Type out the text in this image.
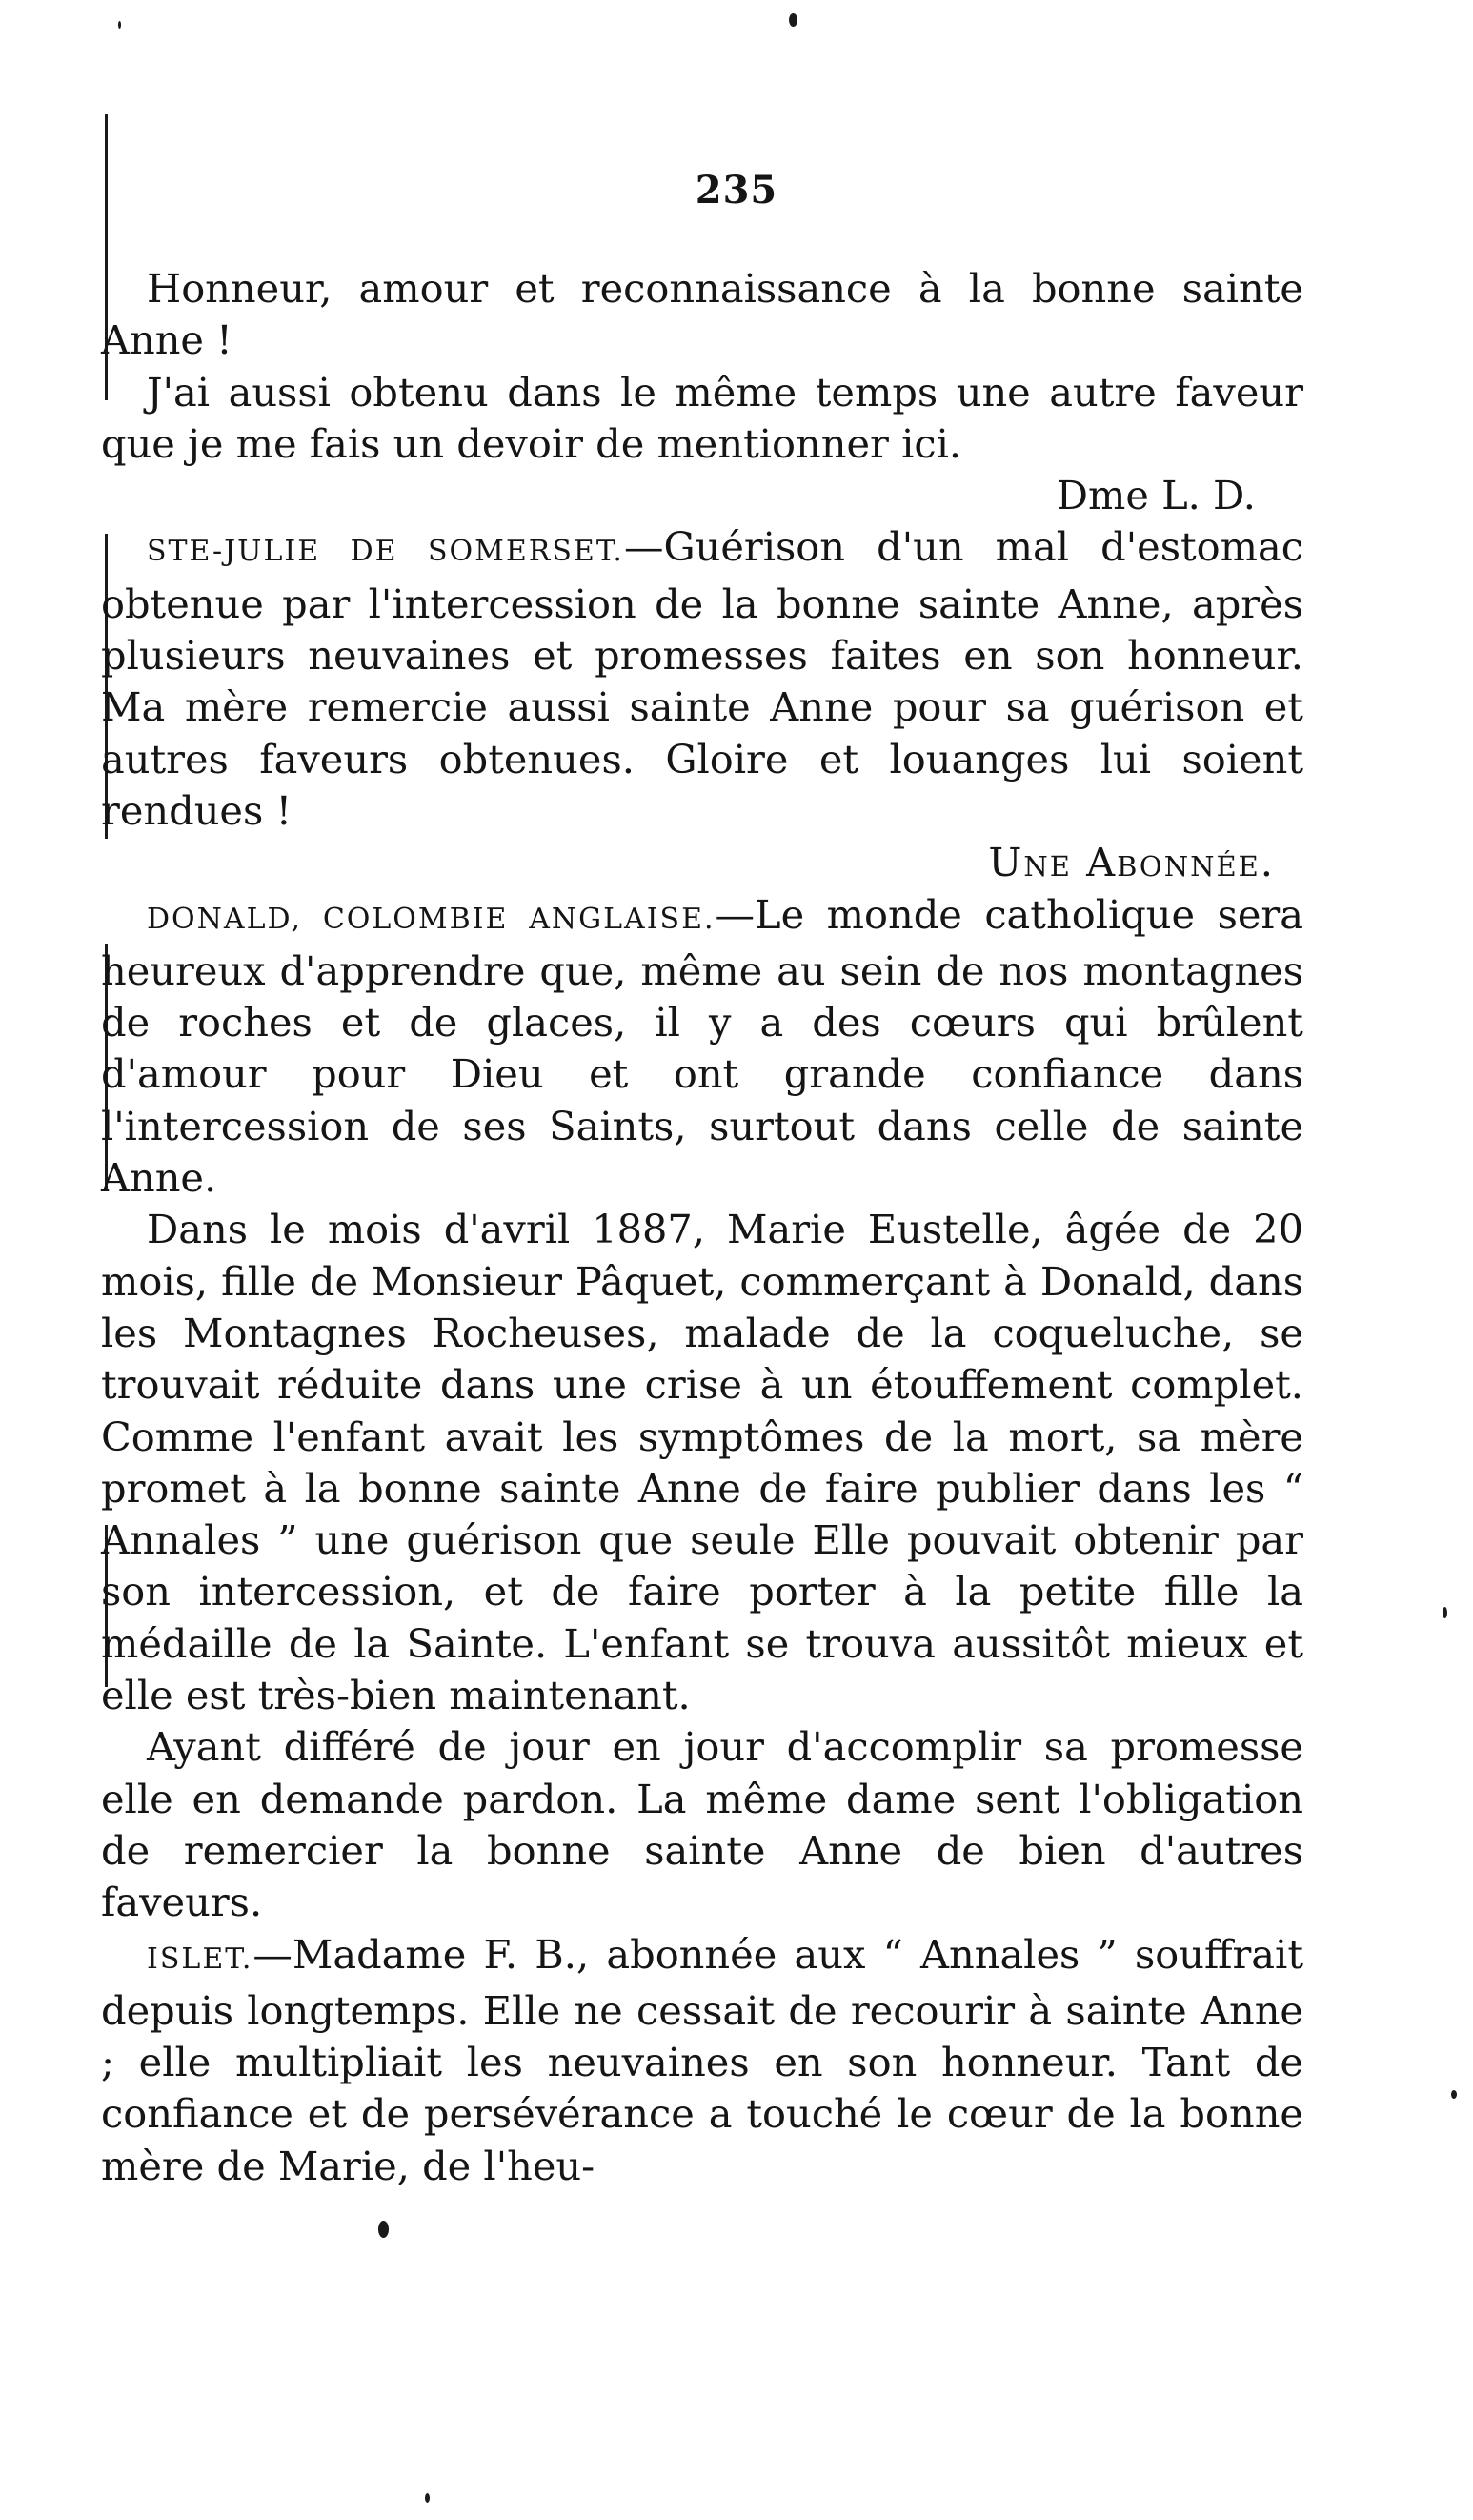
235

Honneur, amour et reconnaissance à la bonne sainte Anne !

J'ai aussi obtenu dans le même temps une autre faveur que je me fais un devoir de mentionner ici.

Dme L. D.

STE-JULIE DE SOMERSET.—Guérison d'un mal d'estomac obtenue par l'intercession de la bonne sainte Anne, après plusieurs neuvaines et promesses faites en son honneur. Ma mère remercie aussi sainte Anne pour sa guérison et autres faveurs obtenues. Gloire et louanges lui soient rendues !

Une Abonnée.

DONALD, COLOMBIE ANGLAISE.—Le monde catholique sera heureux d'apprendre que, même au sein de nos montagnes de roches et de glaces, il y a des cœurs qui brûlent d'amour pour Dieu et ont grande confiance dans l'intercession de ses Saints, surtout dans celle de sainte Anne.

Dans le mois d'avril 1887, Marie Eustelle, âgée de 20 mois, fille de Monsieur Pâquet, commerçant à Donald, dans les Montagnes Rocheuses, malade de la coqueluche, se trouvait réduite dans une crise à un étouffement complet. Comme l'enfant avait les symptômes de la mort, sa mère promet à la bonne sainte Anne de faire publier dans les “ Annales ” une guérison que seule Elle pouvait obtenir par son intercession, et de faire porter à la petite fille la médaille de la Sainte. L'enfant se trouva aussitôt mieux et elle est très-bien maintenant.

Ayant différé de jour en jour d'accomplir sa promesse elle en demande pardon. La même dame sent l'obligation de remercier la bonne sainte Anne de bien d'autres faveurs.

ISLET.—Madame F. B., abonnée aux “ Annales ” souffrait depuis longtemps. Elle ne cessait de recourir à sainte Anne ; elle multipliait les neuvaines en son honneur. Tant de confiance et de persévérance a touché le cœur de la bonne mère de Marie, de l'heu-
